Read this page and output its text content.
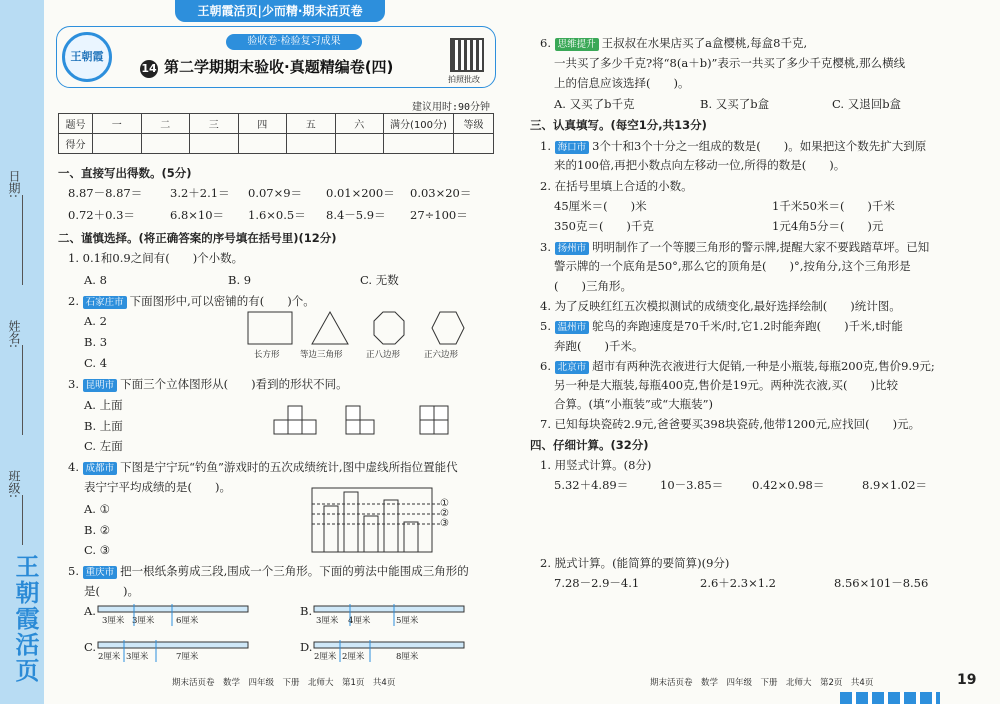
日期:
姓名:
班级:
王朝霞活页
王朝霞活页|少而精·期末活页卷
王朝霞
验收卷·检验复习成果
14 第二学期期末验收·真题精编卷(四)
拍照批改
建议用时:90分钟
题号	一	二	三	四	五	六	满分(100分)	等级
得分								
一、直接写出得数。(5分)
8.87－8.87＝ 3.2＋2.1＝ 0.07×9＝ 0.01×200＝ 0.03×20＝
0.72＋0.3＝	6.8×10＝ 1.6×0.5＝ 8.4－5.9＝ 27÷100＝
二、谨慎选择。(将正确答案的序号填在括号里)(12分)
1. 0.1和0.9之间有(　　)个小数。
A. 8	B. 9	C. 无数
2. 石家庄市 下面图形中,可以密铺的有(　　)个。
A. 2
B. 3
C. 4
长方形 等边三角形	正八边形	正六边形
3. 昆明市 下面三个立体图形从(　　)看到的形状不同。
A. 上面
B. 上面
C. 左面
4. 成都市 下图是宁宁玩“钓鱼”游戏时的五次成绩统计,图中虚线所指位置能代
表宁宁平均成绩的是(　　)。
A. ①
B. ②
C. ③
①
②
③
5. 重庆市 把一根纸条剪成三段,围成一个三角形。下面的剪法中能围成三角形的
是(　　)。
A.
3厘米 3厘米	6厘米
B.
3厘米 4厘米	5厘米
C.
2厘米 3厘米	7厘米
D.
2厘米 2厘米	8厘米
期末活页卷　数学　四年级　下册　北师大　第1页　共4页
6. 思维提升 王叔叔在水果店买了a盒樱桃,每盒8千克,
一共买了多少千克?将“8(a＋b)”表示一共买了多少千克樱桃,那么横线
上的信息应该选择(　　)。
A. 又买了b千克	B. 又买了b盒	C. 又退回b盒
三、认真填写。(每空1分,共13分)
1. 海口市 3个十和3个十分之一组成的数是(　　)。如果把这个数先扩大到原
来的100倍,再把小数点向左移动一位,所得的数是(　　)。
2. 在括号里填上合适的小数。
45厘米＝(　　)米	1千米50米＝(　　)千米
350克＝(　　)千克	1元4角5分＝(　　)元
3. 扬州市 明明制作了一个等腰三角形的警示牌,提醒大家不要践踏草坪。已知
警示牌的一个底角是50°,那么它的顶角是(　　)°,按角分,这个三角形是
(　　)三角形。
4. 为了反映红红五次模拟测试的成绩变化,最好选择绘制(　　)统计图。
5. 温州市 鸵鸟的奔跑速度是70千米/时,它1.2时能奔跑(　　)千米,t时能
奔跑(　　)千米。
6. 北京市 超市有两种洗衣液进行大促销,一种是小瓶装,每瓶200克,售价9.9元;
另一种是大瓶装,每瓶400克,售价是19元。两种洗衣液,买(　　)比较
合算。(填“小瓶装”或“大瓶装”)
7. 已知每块瓷砖2.9元,爸爸要买398块瓷砖,他带1200元,应找回(　　)元。
四、仔细计算。(32分)
1. 用竖式计算。(8分)
5.32＋4.89＝	10－3.85＝	0.42×0.98＝	8.9×1.02＝
2. 脱式计算。(能简算的要简算)(9分)
7.28－2.9－4.1	2.6＋2.3×1.2	8.56×101－8.56
期末活页卷　数学　四年级　下册　北师大　第2页　共4页	19
